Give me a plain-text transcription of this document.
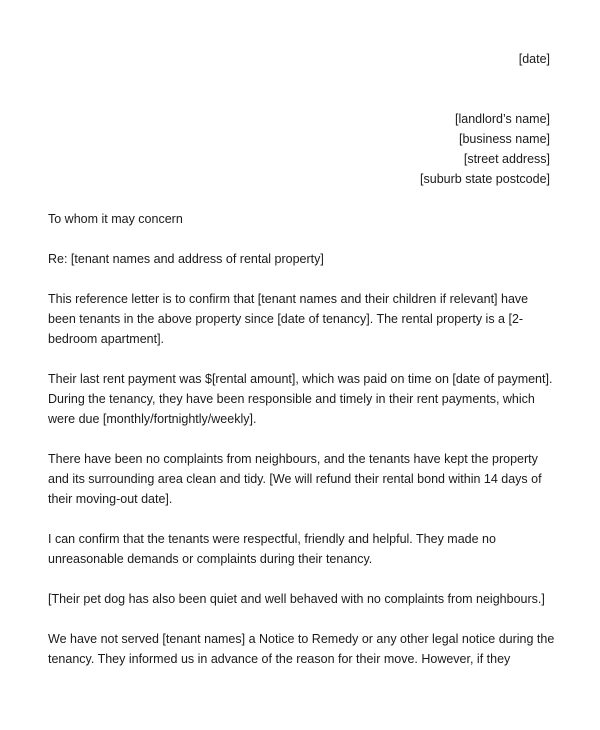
[date]
[landlord’s name]
[business name]
[street address]
[suburb state postcode]

To whom it may concern

Re: [tenant names and address of rental property]

This reference letter is to confirm that [tenant names and their children if relevant] have been tenants in the above property since [date of tenancy]. The rental property is a [2-bedroom apartment].

Their last rent payment was $[rental amount], which was paid on time on [date of payment]. During the tenancy, they have been responsible and timely in their rent payments, which were due [monthly/fortnightly/weekly].

There have been no complaints from neighbours, and the tenants have kept the property and its surrounding area clean and tidy. [We will refund their rental bond within 14 days of their moving-out date].

I can confirm that the tenants were respectful, friendly and helpful. They made no unreasonable demands or complaints during their tenancy.

[Their pet dog has also been quiet and well behaved with no complaints from neighbours.]

We have not served [tenant names] a Notice to Remedy or any other legal notice during the tenancy. They informed us in advance of the reason for their move. However, if they
